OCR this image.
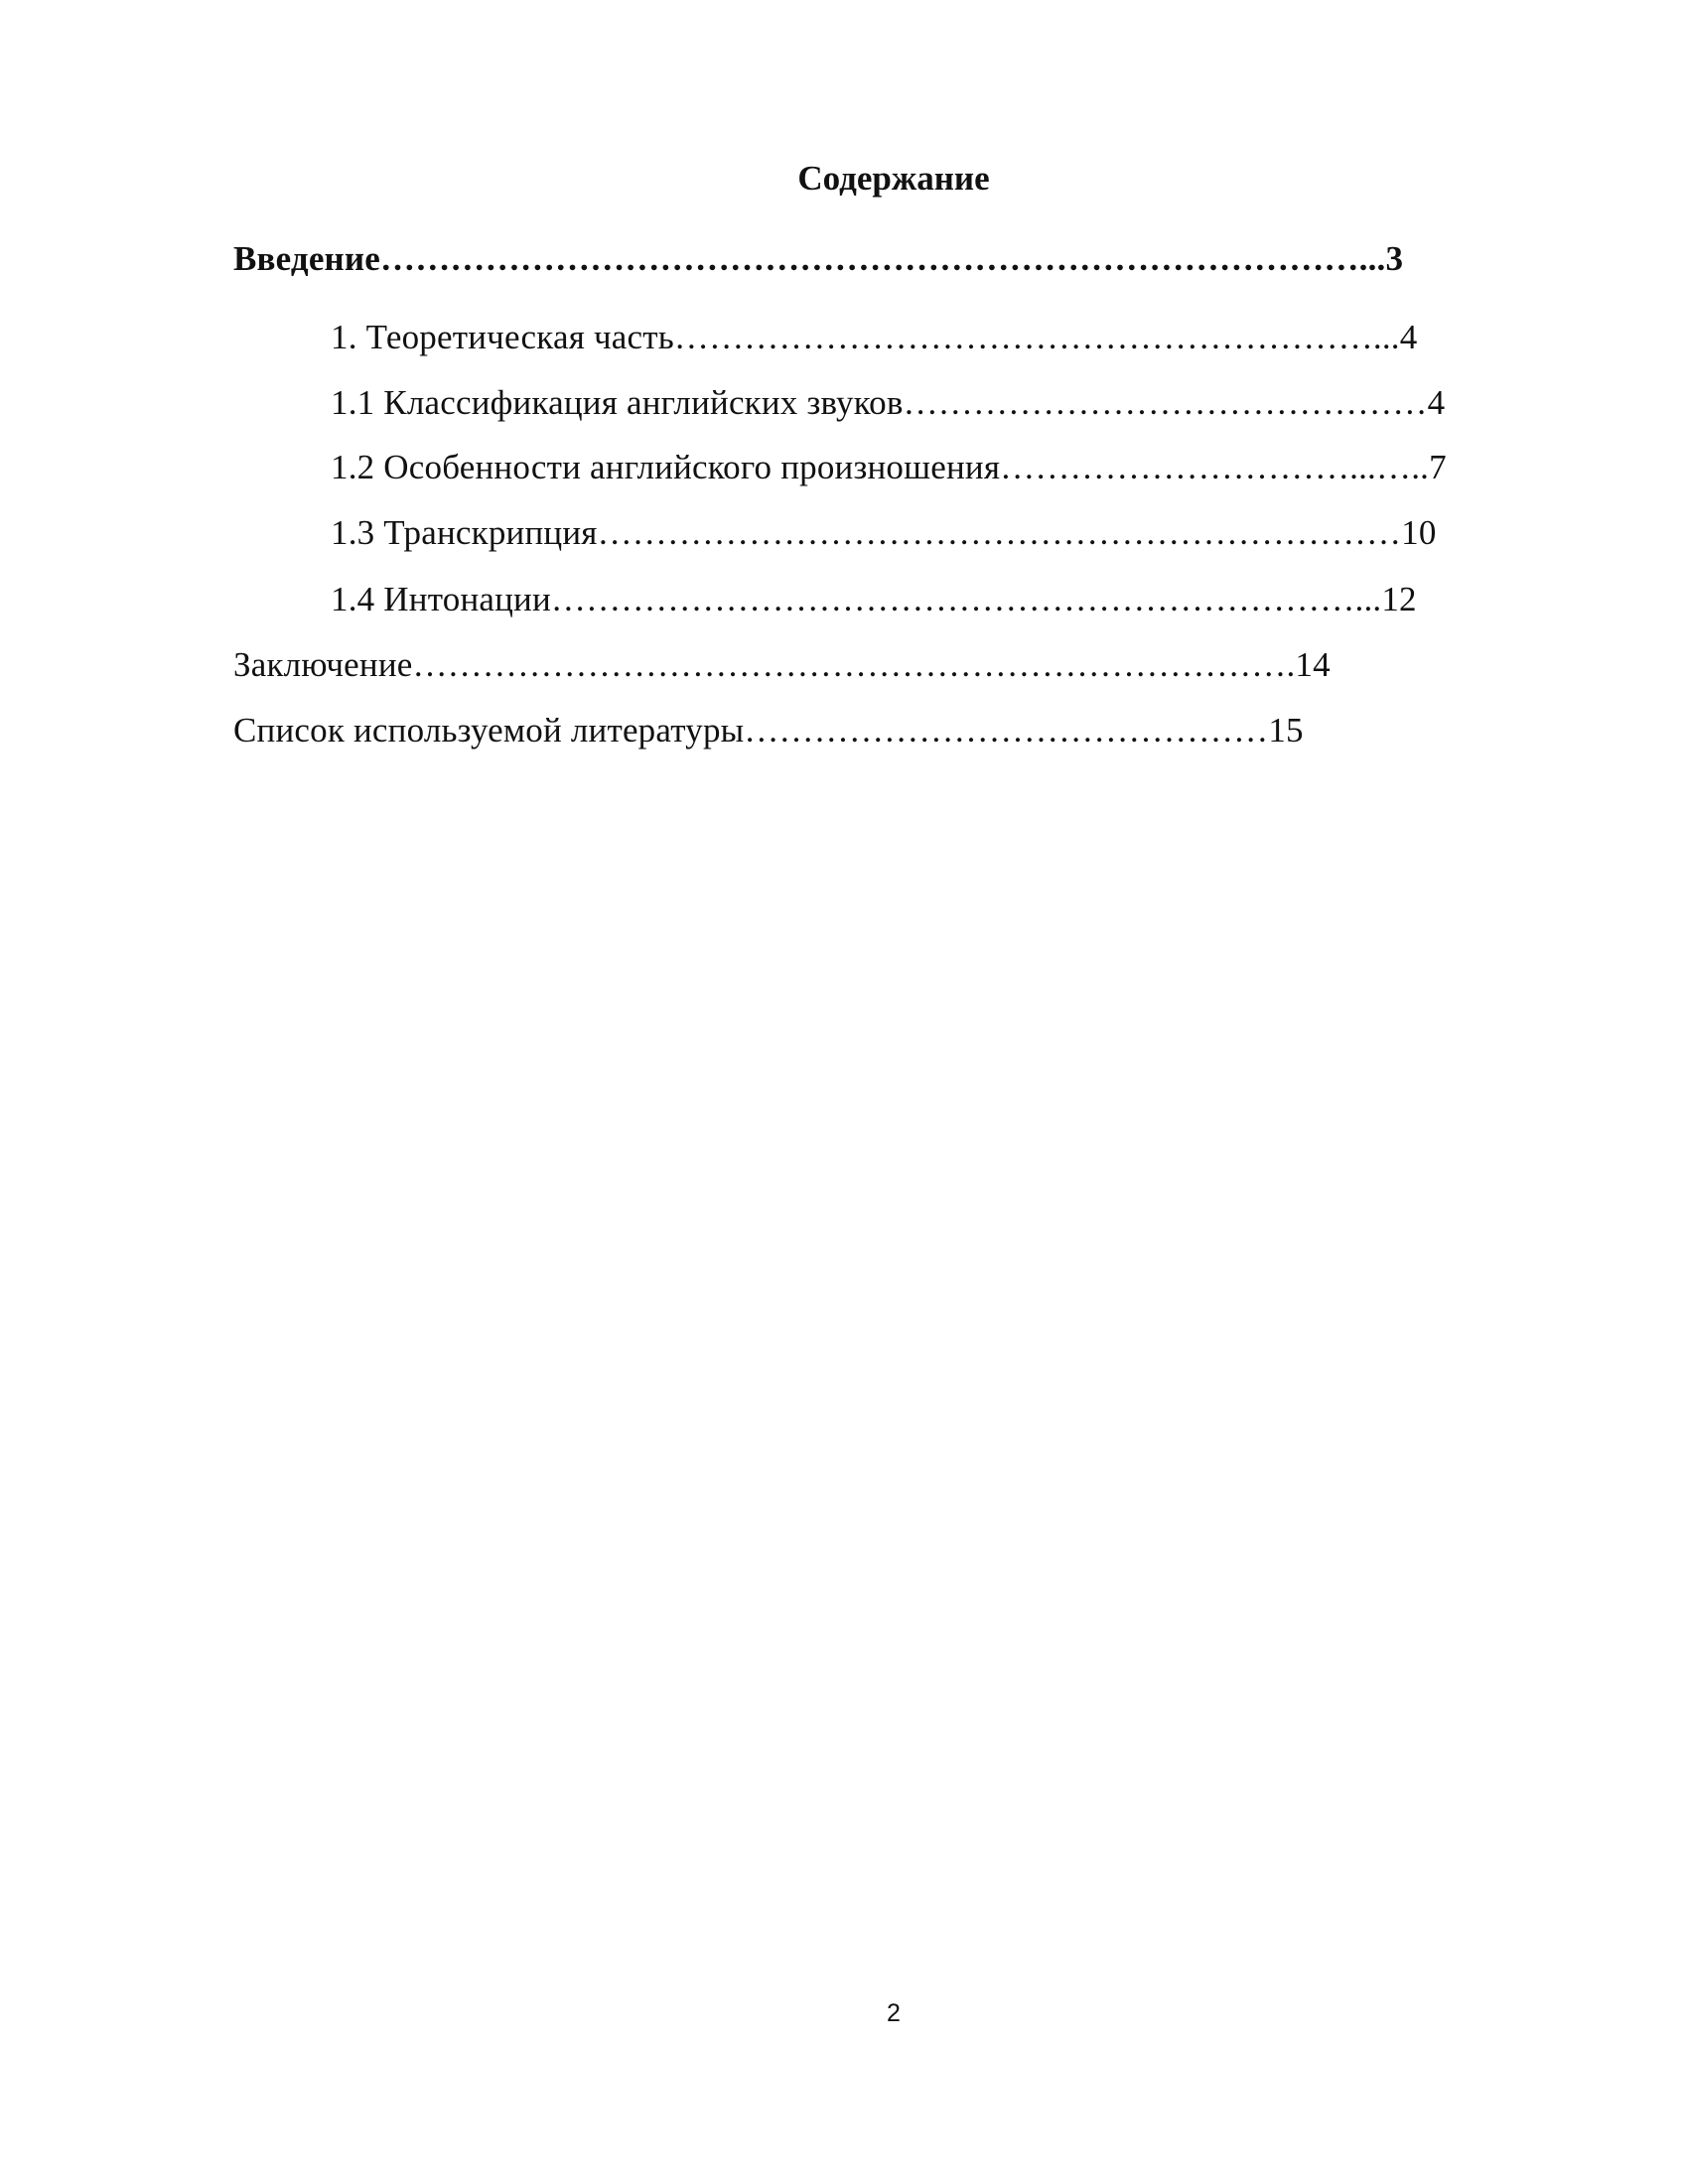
Содержание
Введение…………………………………………………………………………...3
1. Теоретическая часть……………………………………………………...4
1.1 Классификация английских звуков………………………………………4
1.2 Особенности английского произношения…………………………...…..7
1.3 Транскрипция……………………………………………………………10
1.4 Интонации……………………………………………………………...12
Заключение………………………………………………………………….14
Список используемой литературы………………………………………15
2
